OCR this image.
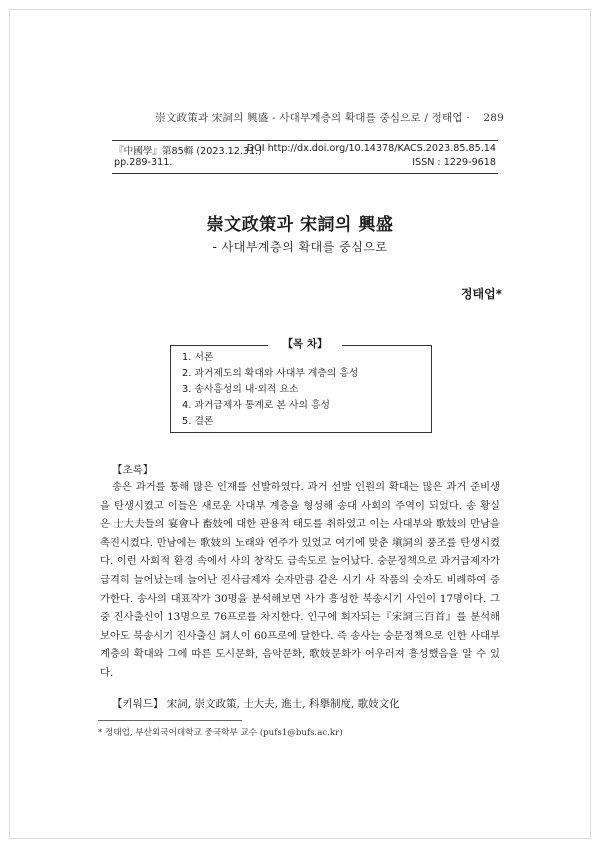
崇文政策과 宋詞의 興盛 - 사대부계층의 확대를 중심으로 / 정태업 · 289
『中國學』第85輯 (2023.12.31.)
DOI http://dx.doi.org/10.14378/KACS.2023.85.85.14
pp.289-311.	ISSN : 1229-9618
崇文政策과 宋詞의 興盛
- 사대부계층의 확대를 중심으로
정태업*
【목 차】
1. 서론
2. 과거제도의 확대와 사대부 계층의 흥성
3. 송사흥성의 내·외적 요소
4. 과거급제자 통계로 본 사의 흥성
5. 결론
【초록】

송은 과거를 통해 많은 인재를 선발하였다. 과거 선발 인원의 확대는 많은 과거 준비생을 탄생시켰고 이들은 새로운 사대부 계층을 형성해 송대 사회의 주역이 되었다. 송 황실은 士大夫들의 宴會나 畜妓에 대한 관용적 태도를 취하였고 이는 사대부와 歌妓의 만남을 촉진시켰다. 만남에는 歌妓의 노래와 연주가 있었고 여기에 맞춘 塡詞의 풍조를 탄생시켰다. 이런 사회적 환경 속에서 사의 창작도 급속도로 늘어났다. 숭문정책으로 과거급제자가 급격히 늘어났는데 늘어난 진사급제자 숫자만큼 같은 시기 사 작품의 숫자도 비례하여 증가한다. 송사의 대표작가 30명을 분석해보면 사가 흥성한 북송시기 사인이 17명이다. 그 중 진사출신이 13명으로 76프로를 차지한다. 인구에 회자되는『宋詞三百首』를 분석해 보아도 북송시기 진사출신 詞人이 60프로에 달한다. 즉 송사는 숭문정책으로 인한 사대부계층의 확대와 그에 따른 도시문화, 음악문화, 歌妓문화가 어우러져 흥성했음을 알 수 있다.

【키워드】 宋詞, 崇文政策, 士大夫, 進士, 科擧制度, 歌妓文化
* 정태업, 부산외국어대학교 중국학부 교수 (pufs1@bufs.ac.kr)
